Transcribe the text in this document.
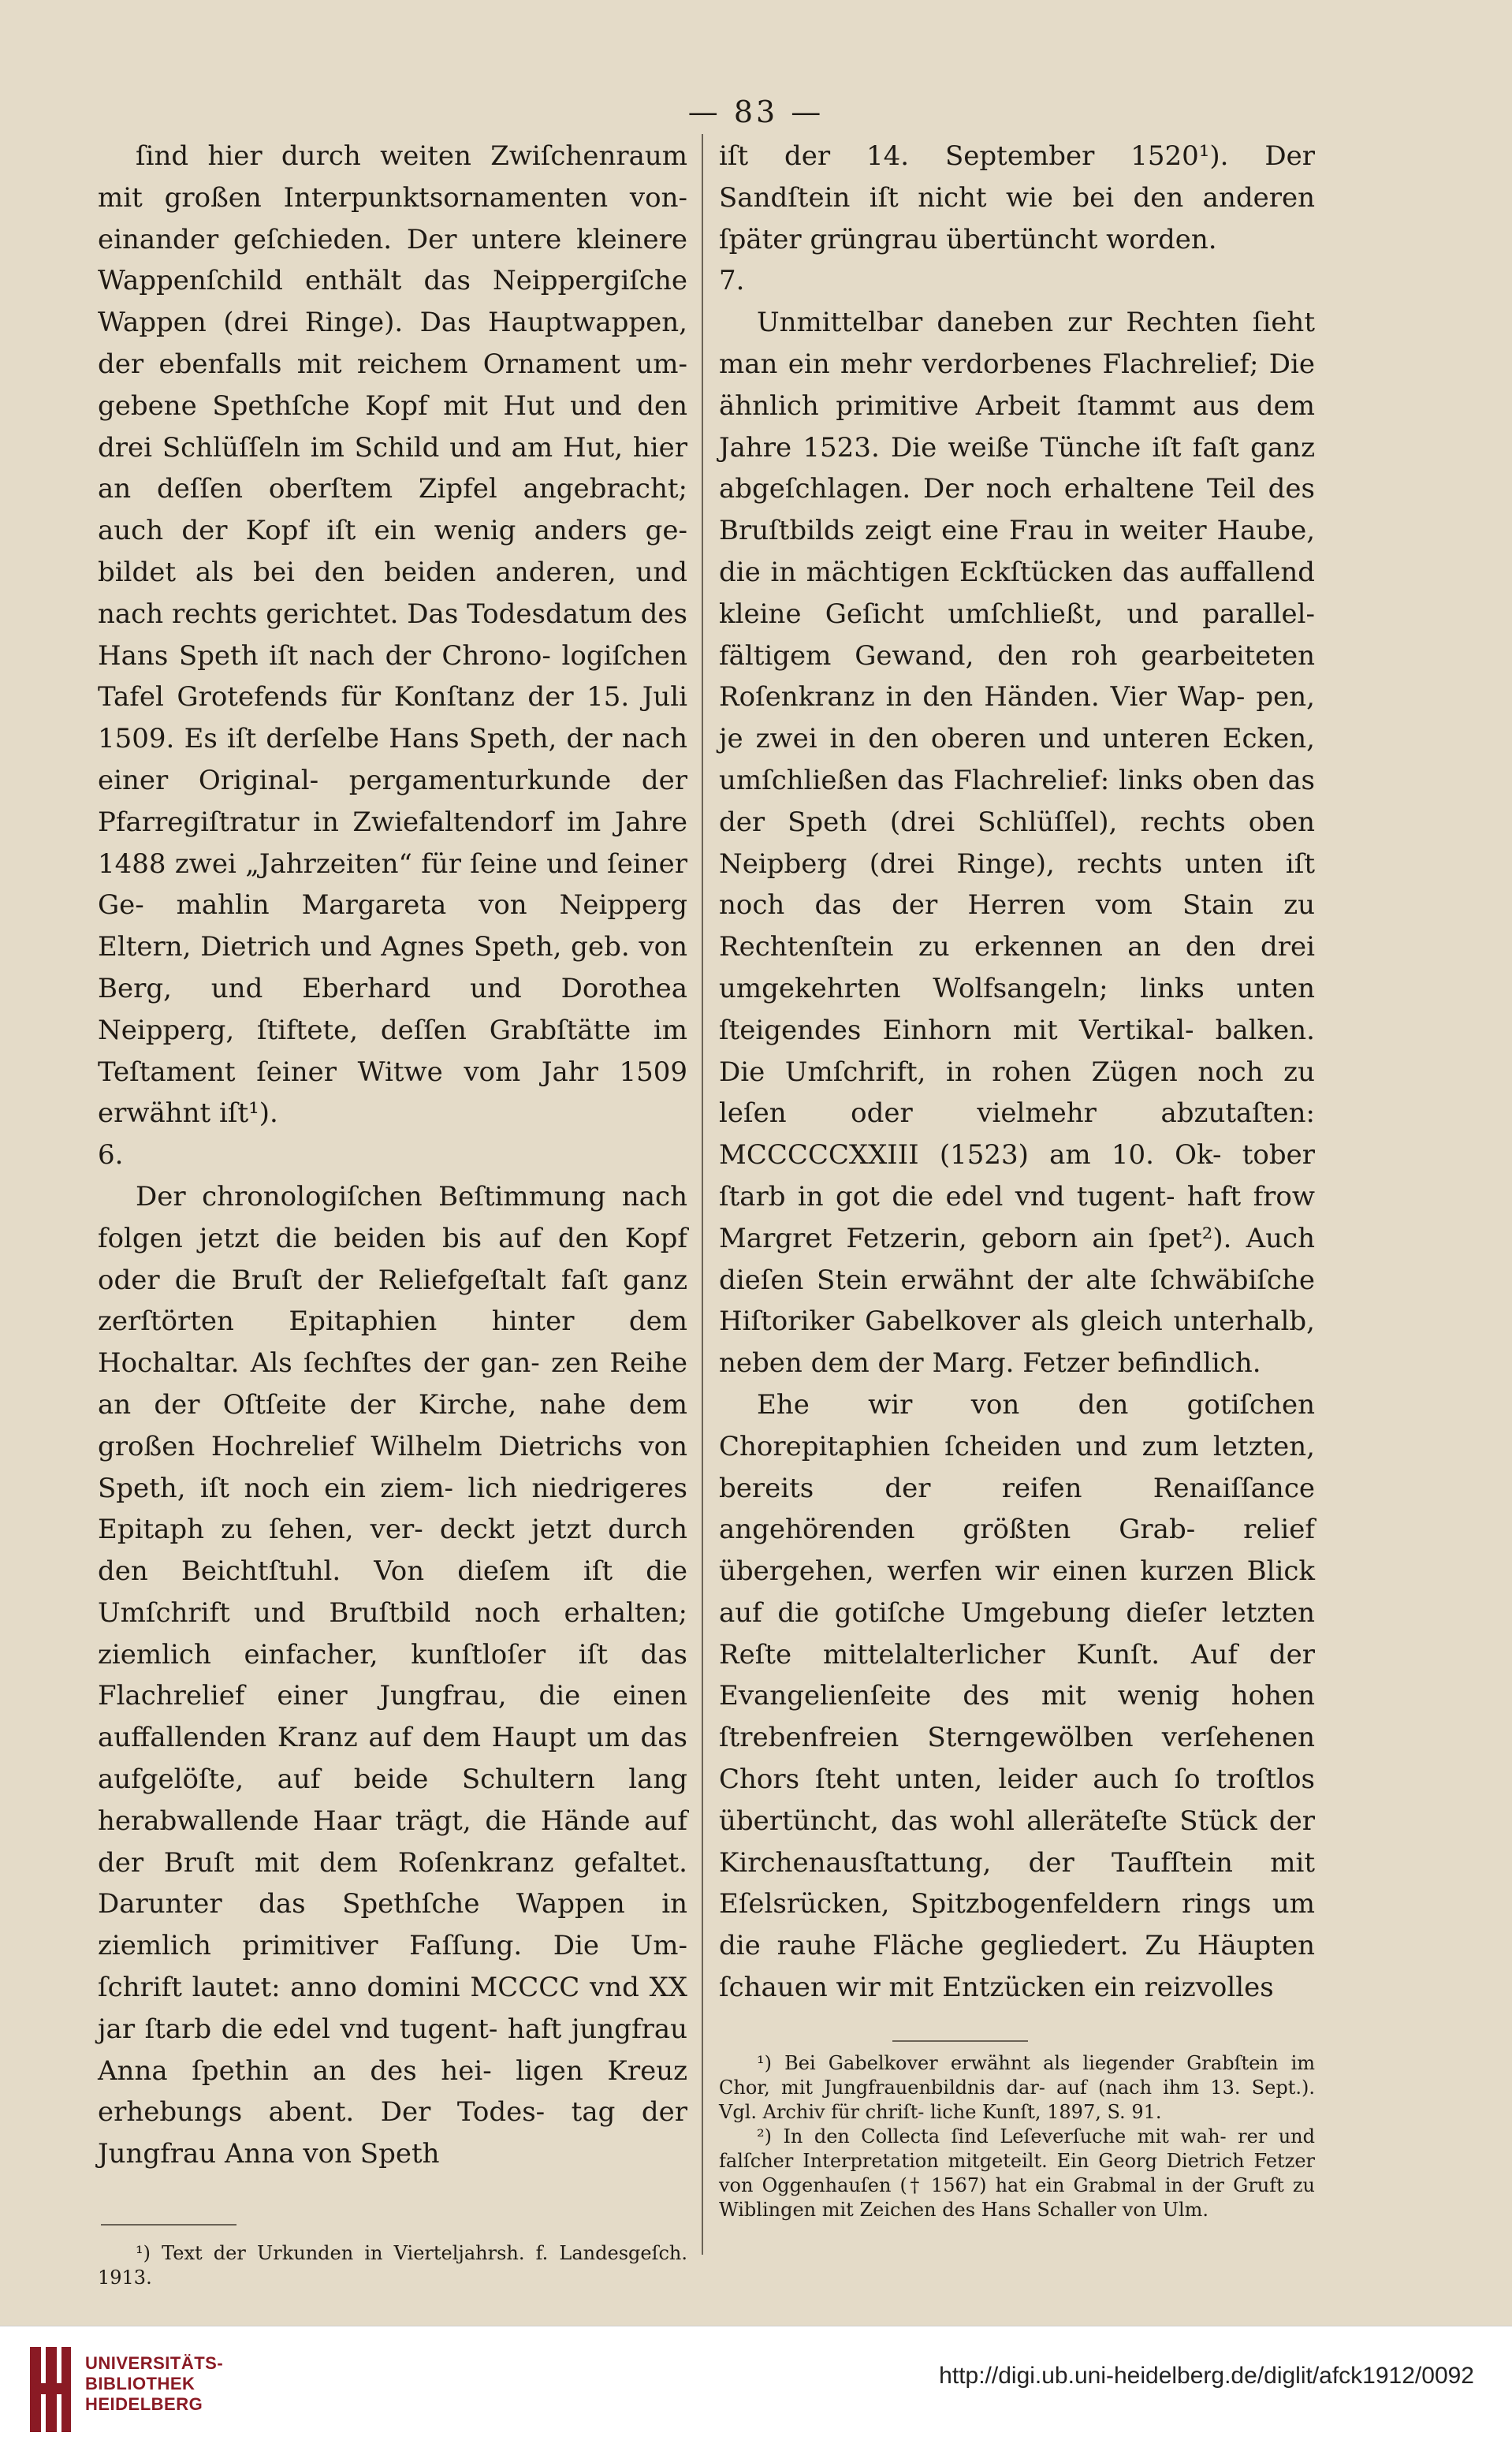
— 83 —

ſind hier durch weiten Zwiſchenraum mit großen Interpunktsornamenten von- einander geſchieden. Der untere kleinere Wappenſchild enthält das Neippergiſche Wappen (drei Ringe). Das Hauptwappen, der ebenfalls mit reichem Ornament um- gebene Spethſche Kopf mit Hut und den drei Schlüſſeln im Schild und am Hut, hier an deſſen oberſtem Zipfel angebracht; auch der Kopf iſt ein wenig anders ge- bildet als bei den beiden anderen, und nach rechts gerichtet. Das Todesdatum des Hans Speth iſt nach der Chrono- logiſchen Tafel Grotefends für Konſtanz der 15. Juli 1509. Es iſt derſelbe Hans Speth, der nach einer Original- pergamenturkunde der Pfarregiſtratur in Zwiefaltendorf im Jahre 1488 zwei „Jahrzeiten“ für ſeine und ſeiner Ge- mahlin Margareta von Neipperg Eltern, Dietrich und Agnes Speth, geb. von Berg, und Eberhard und Dorothea Neipperg, ſtiftete, deſſen Grabſtätte im Teſtament ſeiner Witwe vom Jahr 1509 erwähnt iſt¹).

6.

Der chronologiſchen Beſtimmung nach folgen jetzt die beiden bis auf den Kopf oder die Bruſt der Reliefgeſtalt faſt ganz zerſtörten Epitaphien hinter dem Hochaltar. Als ſechſtes der gan- zen Reihe an der Oſtſeite der Kirche, nahe dem großen Hochrelief Wilhelm Dietrichs von Speth, iſt noch ein ziem- lich niedrigeres Epitaph zu ſehen, ver- deckt jetzt durch den Beichtſtuhl. Von dieſem iſt die Umſchrift und Bruſtbild noch erhalten; ziemlich einfacher, kunſtloſer iſt das Flachrelief einer Jungfrau, die einen auffallenden Kranz auf dem Haupt um das aufgelöſte, auf beide Schultern lang herabwallende Haar trägt, die Hände auf der Bruſt mit dem Roſenkranz gefaltet. Darunter das Spethſche Wappen in ziemlich primitiver Faſſung. Die Um- ſchrift lautet: anno domini MCCCC vnd XX jar ſtarb die edel vnd tugent- haft jungfrau Anna ſpethin an des hei- ligen Kreuz erhebungs abent. Der Todes- tag der Jungfrau Anna von Speth

¹) Text der Urkunden in Vierteljahrsh. f. Landesgeſch. 1913.

iſt der 14. September 1520¹). Der Sandſtein iſt nicht wie bei den anderen ſpäter grüngrau übertüncht worden.

7.

Unmittelbar daneben zur Rechten ſieht man ein mehr verdorbenes Flachrelief; Die ähnlich primitive Arbeit ſtammt aus dem Jahre 1523. Die weiße Tünche iſt faſt ganz abgeſchlagen. Der noch erhaltene Teil des Bruſtbilds zeigt eine Frau in weiter Haube, die in mächtigen Eckſtücken das auffallend kleine Geſicht umſchließt, und parallel- fältigem Gewand, den roh gearbeiteten Roſenkranz in den Händen. Vier Wap- pen, je zwei in den oberen und unteren Ecken, umſchließen das Flachrelief: links oben das der Speth (drei Schlüſſel), rechts oben Neipberg (drei Ringe), rechts unten iſt noch das der Herren vom Stain zu Rechtenſtein zu erkennen an den drei umgekehrten Wolfsangeln; links unten ſteigendes Einhorn mit Vertikal- balken. Die Umſchrift, in rohen Zügen noch zu leſen oder vielmehr abzutaſten: MCCCCCXXIII (1523) am 10. Ok- tober ſtarb in got die edel vnd tugent- haft frow Margret Fetzerin, geborn ain ſpet²). Auch dieſen Stein erwähnt der alte ſchwäbiſche Hiſtoriker Gabelkover als gleich unterhalb, neben dem der Marg. Fetzer befindlich.

Ehe wir von den gotiſchen Chorepitaphien ſcheiden und zum letzten, bereits der reifen Renaiſſance angehörenden größten Grab- relief übergehen, werfen wir einen kurzen Blick auf die gotiſche Umgebung dieſer letzten Reſte mittelalterlicher Kunſt. Auf der Evangelienſeite des mit wenig hohen ſtrebenfreien Sterngewölben verſehenen Chors ſteht unten, leider auch ſo troſtlos übertüncht, das wohl alleräteſte Stück der Kirchenausſtattung, der Taufſtein mit Eſelsrücken, Spitzbogenfeldern rings um die rauhe Fläche gegliedert. Zu Häupten ſchauen wir mit Entzücken ein reizvolles

¹) Bei Gabelkover erwähnt als liegender Grabſtein im Chor, mit Jungfrauenbildnis dar- auf (nach ihm 13. Sept.). Vgl. Archiv für chriſt- liche Kunſt, 1897, S. 91.

²) In den Collecta ſind Leſeverſuche mit wah- rer und falſcher Interpretation mitgeteilt. Ein Georg Dietrich Fetzer von Oggenhauſen († 1567) hat ein Grabmal in der Gruft zu Wiblingen mit Zeichen des Hans Schaller von Ulm.

UNIVERSITÄTS-
BIBLIOTHEK
HEIDELBERG
http://digi.ub.uni-heidelberg.de/diglit/afck1912/0092
